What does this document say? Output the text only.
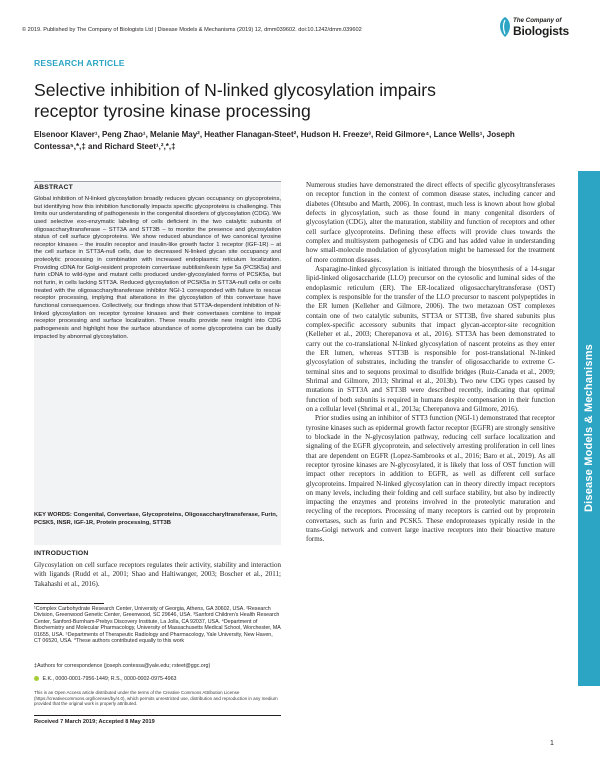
© 2019. Published by The Company of Biologists Ltd | Disease Models & Mechanisms (2019) 12, dmm039602. doi:10.1242/dmm.039602
The Company of
Biologists
RESEARCH ARTICLE
Selective inhibition of N-linked glycosylation impairs receptor tyrosine kinase processing
Elsenoor Klaver¹, Peng Zhao¹, Melanie May², Heather Flanagan-Steet², Hudson H. Freeze³, Reid Gilmore⁴, Lance Wells¹, Joseph Contessa⁵,*,‡ and Richard Steet¹,²,*,‡
ABSTRACT
Global inhibition of N-linked glycosylation broadly reduces glycan occupancy on glycoproteins, but identifying how this inhibition functionally impacts specific glycoproteins is challenging. This limits our understanding of pathogenesis in the congenital disorders of glycosylation (CDG). We used selective exo-enzymatic labeling of cells deficient in the two catalytic subunits of oligosaccharyltransferase – STT3A and STT3B – to monitor the presence and glycosylation status of cell surface glycoproteins. We show reduced abundance of two canonical tyrosine receptor kinases – the insulin receptor and insulin-like growth factor 1 receptor (IGF-1R) – at the cell surface in STT3A-null cells, due to decreased N-linked glycan site occupancy and proteolytic processing in combination with increased endoplasmic reticulum localization. Providing cDNA for Golgi-resident proprotein convertase subtilisin/kexin type 5a (PCSK5a) and furin cDNA to wild-type and mutant cells produced under-glycosylated forms of PCSK5a, but not furin, in cells lacking STT3A. Reduced glycosylation of PCSK5a in STT3A-null cells or cells treated with the oligosaccharyltransferase inhibitor NGI-1 corresponded with failure to rescue receptor processing, implying that alterations in the glycosylation of this convertase have functional consequences. Collectively, our findings show that STT3A-dependent inhibition of N-linked glycosylation on receptor tyrosine kinases and their convertases combine to impair receptor processing and surface localization. These results provide new insight into CDG pathogenesis and highlight how the surface abundance of some glycoproteins can be dually impacted by abnormal glycosylation.
KEY WORDS: Congenital, Convertase, Glycoproteins, Oligosaccharyltransferase, Furin, PCSK5, INSR, IGF-1R, Protein processing, STT3B
INTRODUCTION
Glycosylation on cell surface receptors regulates their activity, stability and interaction with ligands (Rudd et al., 2001; Shao and Haltiwanger, 2003; Boscher et al., 2011; Takahashi et al., 2016).
¹Complex Carbohydrate Research Center, University of Georgia, Athens, GA 30602, USA. ²Research Division, Greenwood Genetic Center, Greenwood, SC 29646, USA. ³Sanford Children's Health Research Center, Sanford-Burnham-Prebys Discovery Institute, La Jolla, CA 92037, USA. ⁴Department of Biochemistry and Molecular Pharmacology, University of Massachusetts Medical School, Worchester, MA 01655, USA. ⁵Departments of Therapeutic Radiology and Pharmacology, Yale University, New Haven, CT 06520, USA. *These authors contributed equally to this work
‡Authors for correspondence (joseph.contessa@yale.edu; rsteet@ggc.org)
E.K., 0000-0001-7956-1449; R.S., 0000-0002-0975-4963
This is an Open Access article distributed under the terms of the Creative Commons Attribution License (https://creativecommons.org/licenses/by/4.0), which permits unrestricted use, distribution and reproduction in any medium provided that the original work is properly attributed.
Received 7 March 2019; Accepted 8 May 2019

Numerous studies have demonstrated the direct effects of specific glycosyltransferases on receptor function in the context of common disease states, including cancer and diabetes (Ohtsubo and Marth, 2006). In contrast, much less is known about how global defects in glycosylation, such as those found in many congenital disorders of glycosylation (CDG), alter the maturation, stability and function of receptors and other cell surface glycoproteins. Defining these effects will provide clues towards the complex and multisystem pathogenesis of CDG and has added value in understanding how small-molecule modulation of glycosylation might be harnessed for the treatment of more common diseases.

Asparagine-linked glycosylation is initiated through the biosynthesis of a 14-sugar lipid-linked oligosaccharide (LLO) precursor on the cytosolic and luminal sides of the endoplasmic reticulum (ER). The ER-localized oligosaccharyltransferase (OST) complex is responsible for the transfer of the LLO precursor to nascent polypeptides in the ER lumen (Kelleher and Gilmore, 2006). The two metazoan OST complexes contain one of two catalytic subunits, STT3A or STT3B, five shared subunits plus complex-specific accessory subunits that impact glycan-acceptor-site recognition (Kelleher et al., 2003; Cherepanova et al., 2016). STT3A has been demonstrated to carry out the co-translational N-linked glycosylation of nascent proteins as they enter the ER lumen, whereas STT3B is responsible for post-translational N-linked glycosylation of substrates, including the transfer of oligosaccharide to extreme C-terminal sites and to sequons proximal to disulfide bridges (Ruiz-Canada et al., 2009; Shrimal and Gilmore, 2013; Shrimal et al., 2013b). Two new CDG types caused by mutations in STT3A and STT3B were described recently, indicating that optimal function of both subunits is required in humans despite compensation in their function on a cellular level (Shrimal et al., 2013a; Cherepanova and Gilmore, 2016).

Prior studies using an inhibitor of STT3 function (NGI-1) demonstrated that receptor tyrosine kinases such as epidermal growth factor receptor (EGFR) are strongly sensitive to blockade in the N-glycosylation pathway, reducing cell surface localization and signaling of the EGFR glycoprotein, and selectively arresting proliferation in cell lines that are dependent on EGFR (Lopez-Sambrooks et al., 2016; Baro et al., 2019). As all receptor tyrosine kinases are N-glycosylated, it is likely that loss of OST function will impact other receptors in addition to EGFR, as well as different cell surface glycoproteins. Impaired N-linked glycosylation can in theory directly impact receptors on many levels, including their folding and cell surface stability, but also by indirectly impacting the enzymes and proteins involved in the proteolytic maturation and recycling of the receptors. Processing of many receptors is carried out by proprotein convertases, such as furin and PCSK5. These endoproteases typically reside in the trans-Golgi network and convert large inactive receptors into their bioactive mature forms.

Disease Models & Mechanisms
1
